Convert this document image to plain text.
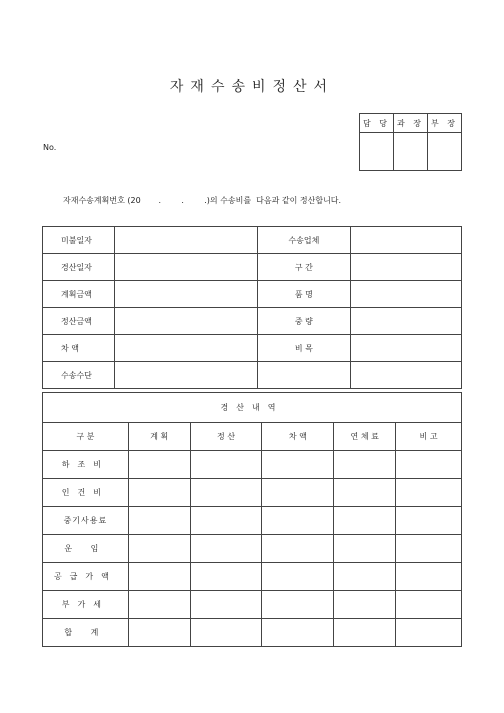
자재수송비정산서
No.
담 당	과 장	부 장

자재수송계획번호 (20       .        .        .)의 수송비를  다음과 같이 정산합니다.
미불일자		수송업체	
경산일자		구 간	
계획금액		품 명	
정산금액		중 량	
차 액		비 목	
수송수단			
경산내역					
구 분	계 획	정 산	차 액	연 체 료	비 고
하조비					
인건비					
중기사용료					
운 임					
공급가액					
부가세					
합 계					
